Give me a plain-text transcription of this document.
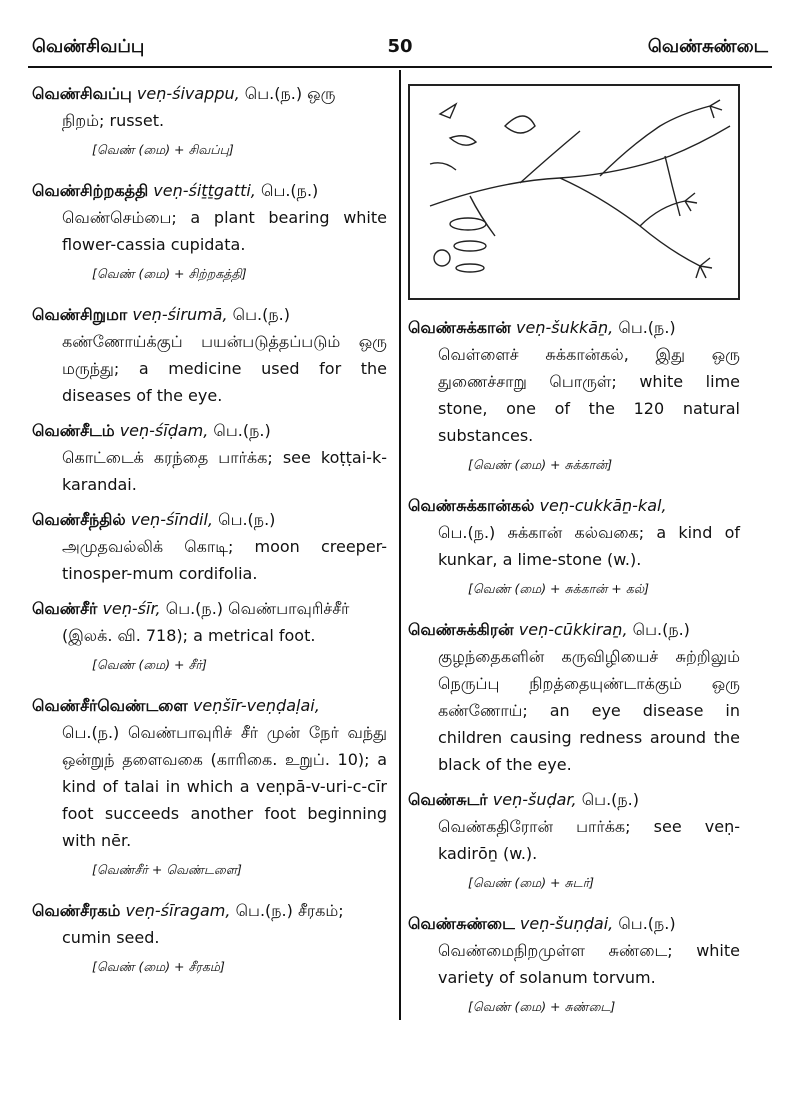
வெண்சிவப்பு	50	வெண்சுண்டை
வெண்சிவப்பு veṇ-śivappu, பெ.(ந.) ஒரு
நிறம்; russet.
[வெண் (மை) + சிவப்பு]
வெண்சிற்றகத்தி veṇ-śiṯṯgatti, பெ.(ந.)
வெண்செம்பை; a plant bearing white flower-cassia cupidata.
[வெண் (மை) + சிற்றகத்தி]
வெண்சிறுமா veṇ-śirumā, பெ.(ந.)
கண்ணோய்க்குப் பயன்படுத்தப்படும் ஒரு மருந்து; a medicine used for the diseases of the eye.
வெண்சீடம் veṇ-śīḍam, பெ.(ந.)
கொட்டைக் கரந்தை பார்க்க; see koṭṭai-k-karandai.
வெண்சீந்தில் veṇ-śīndil, பெ.(ந.)
அமுதவல்லிக் கொடி; moon creeper-tinosper-mum cordifolia.
வெண்சீர் veṇ-śīr, பெ.(ந.) வெண்பாவுரிச்சீர்
(இலக். வி. 718); a metrical foot.
[வெண் (மை) + சீர்]
வெண்சீர்வெண்டளை veṇšīr-veṇḍaḷai,
பெ.(ந.) வெண்பாவுரிச் சீர் முன் நேர் வந்து ஒன்றுந் தளைவகை (காரிகை. உறுப். 10); a kind of talai in which a veṇpā-v-uri-c-cīr foot succeeds another foot beginning with nēr.
[வெண்சீர் + வெண்டளை]
வெண்சீரகம் veṇ-śīragam, பெ.(ந.) சீரகம்;
cumin seed.
[வெண் (மை) + சீரகம்]
வெண்சுக்கான் veṇ-šukkāṉ, பெ.(ந.)
வெள்ளைச் சுக்கான்கல், இது ஒரு துணைச்சாறு பொருள்; white lime stone, one of the 120 natural substances.
[வெண் (மை) + சுக்கான்]
வெண்சுக்கான்கல் veṇ-cukkāṉ-kal,
பெ.(ந.) சுக்கான் கல்வகை; a kind of kunkar, a lime-stone (w.).
[வெண் (மை) + சுக்கான் + கல்]
வெண்சுக்கிரன் veṇ-cūkkiraṉ, பெ.(ந.)
குழந்தைகளின் கருவிழியைச் சுற்றிலும் நெருப்பு நிறத்தையுண்டாக்கும் ஒரு கண்ணோய்; an eye disease in children causing redness around the black of the eye.
வெண்சுடர் veṇ-šuḍar, பெ.(ந.)
வெண்கதிரோன் பார்க்க; see veṇ-kadirōṉ (w.).
[வெண் (மை) + சுடர்]
வெண்சுண்டை veṇ-šuṇḍai, பெ.(ந.)
வெண்மைநிறமுள்ள சுண்டை; white variety of solanum torvum.
[வெண் (மை) + சுண்டை]
